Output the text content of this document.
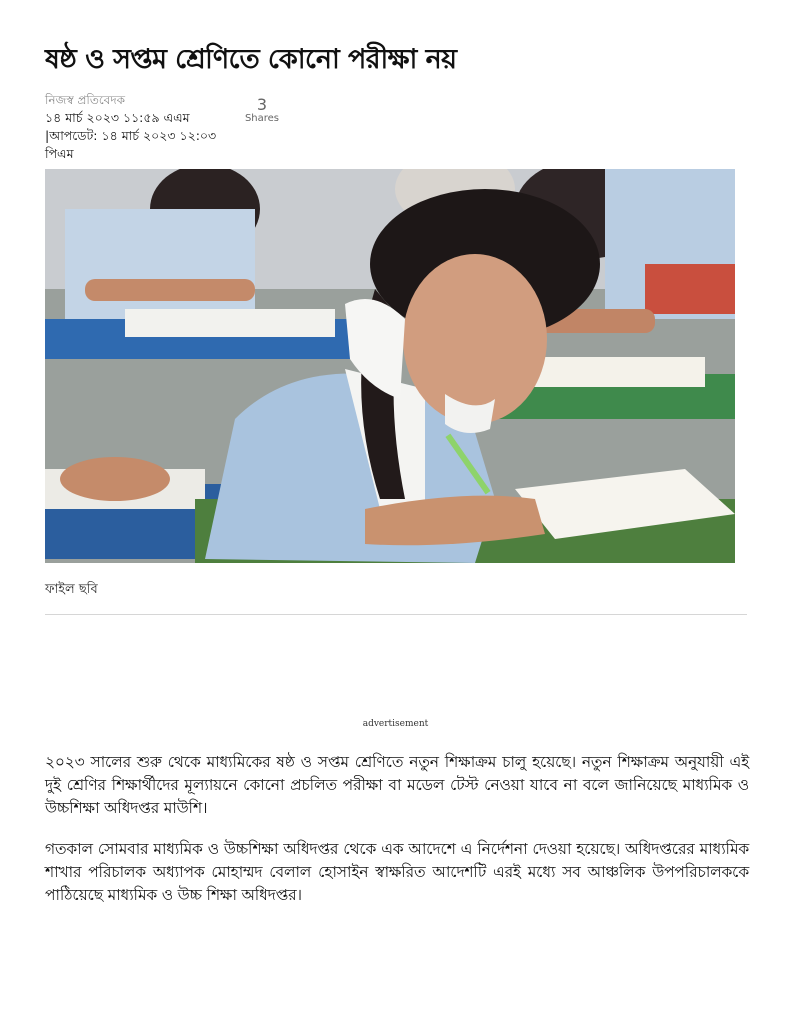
ষষ্ঠ ও সপ্তম শ্রেণিতে কোনো পরীক্ষা নয়
নিজস্ব প্রতিবেদক
১৪ মার্চ ২০২৩ ১১:৫৯ এএম
|আপডেট: ১৪ মার্চ ২০২৩ ১২:০৩ পিএম
3
Shares
ফাইল ছবি
advertisement

২০২৩ সালের শুরু থেকে মাধ্যমিকের ষষ্ঠ ও সপ্তম শ্রেণিতে নতুন শিক্ষাক্রম চালু হয়েছে। নতুন শিক্ষাক্রম অনুযায়ী এই দুই শ্রেণির শিক্ষার্থীদের মূল্যায়নে কোনো প্রচলিত পরীক্ষা বা মডেল টেস্ট নেওয়া যাবে না বলে জানিয়েছে মাধ্যমিক ও উচ্চশিক্ষা অধিদপ্তর মাউশি।

গতকাল সোমবার মাধ্যমিক ও উচ্চশিক্ষা অধিদপ্তর থেকে এক আদেশে এ নির্দেশনা দেওয়া হয়েছে। অধিদপ্তরের মাধ্যমিক শাখার পরিচালক অধ্যাপক মোহাম্মদ বেলাল হোসাইন স্বাক্ষরিত আদেশটি এরই মধ্যে সব আঞ্চলিক উপপরিচালককে পাঠিয়েছে মাধ্যমিক ও উচ্চ শিক্ষা অধিদপ্তর।
